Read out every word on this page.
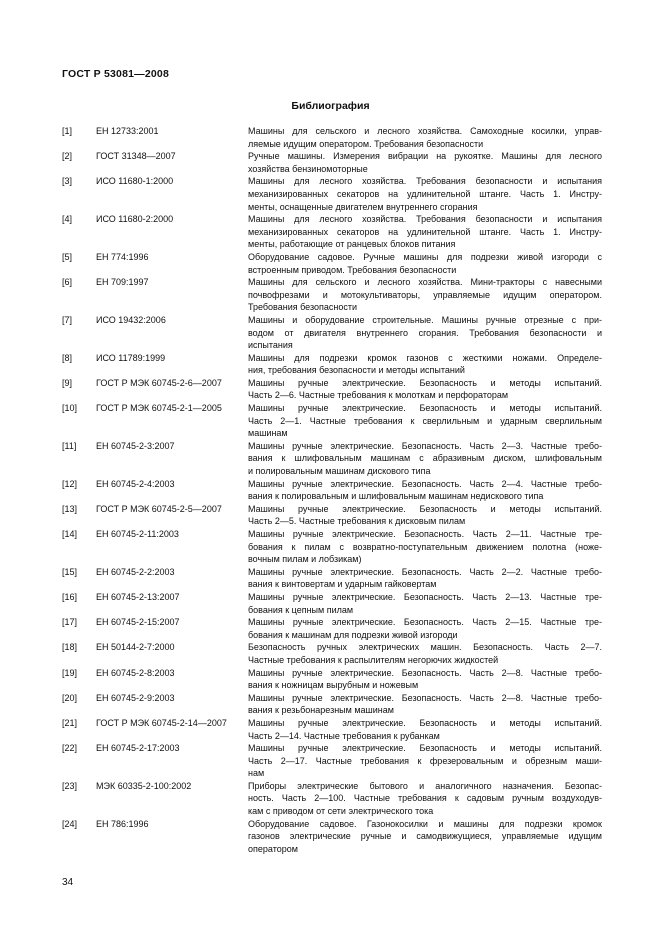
ГОСТ Р 53081—2008
Библиография
[1]	ЕН 12733:2001	Машины для сельского и лесного хозяйства. Самоходные косилки, управ-
ляемые идущим оператором. Требования безопасности
[2]	ГОСТ 31348—2007	Ручные машины. Измерения вибрации на рукоятке. Машины для лесного
хозяйства бензиномоторные
[3]	ИСО 11680-1:2000	Машины для лесного хозяйства. Требования безопасности и испытания
механизированных секаторов на удлинительной штанге. Часть 1. Инстру-
менты, оснащенные двигателем внутреннего сгорания
[4]	ИСО 11680-2:2000	Машины для лесного хозяйства. Требования безопасности и испытания
механизированных секаторов на удлинительной штанге. Часть 1. Инстру-
менты, работающие от ранцевых блоков питания
[5]	ЕН 774:1996	Оборудование садовое. Ручные машины для подрезки живой изгороди с
встроенным приводом. Требования безопасности
[6]	ЕН 709:1997	Машины для сельского и лесного хозяйства. Мини-тракторы с навесными
почвофрезами и мотокультиваторы, управляемые идущим оператором.
Требования безопасности
[7]	ИСО 19432:2006	Машины и оборудование строительные. Машины ручные отрезные с при-
водом от двигателя внутреннего сгорания. Требования безопасности и
испытания
[8]	ИСО 11789:1999	Машины для подрезки кромок газонов с жесткими ножами. Определе-
ния, требования безопасности и методы испытаний
[9]	ГОСТ Р МЭК 60745-2-6—2007	Машины ручные электрические. Безопасность и методы испытаний.
Часть 2—6. Частные требования к молоткам и перфораторам
[10]	ГОСТ Р МЭК 60745-2-1—2005	Машины ручные электрические. Безопасность и методы испытаний.
Часть 2—1. Частные требования к сверлильным и ударным сверлильным
машинам
[11]	ЕН 60745-2-3:2007	Машины ручные электрические. Безопасность. Часть 2—3. Частные требо-
вания к шлифовальным машинам с абразивным диском, шлифовальным
и полировальным машинам дискового типа
[12]	ЕН 60745-2-4:2003	Машины ручные электрические. Безопасность. Часть 2—4. Частные требо-
вания к полировальным и шлифовальным машинам недискового типа
[13]	ГОСТ Р МЭК 60745-2-5—2007	Машины ручные электрические. Безопасность и методы испытаний.
Часть 2—5. Частные требования к дисковым пилам
[14]	ЕН 60745-2-11:2003	Машины ручные электрические. Безопасность. Часть 2—11. Частные тре-
бования к пилам с возвратно-поступательным движением полотна (ноже-
вочным пилам и лобзикам)
[15]	ЕН 60745-2-2:2003	Машины ручные электрические. Безопасность. Часть 2—2. Частные требо-
вания к винтовертам и ударным гайковертам
[16]	ЕН 60745-2-13:2007	Машины ручные электрические. Безопасность. Часть 2—13. Частные тре-
бования к цепным пилам
[17]	ЕН 60745-2-15:2007	Машины ручные электрические. Безопасность. Часть 2—15. Частные тре-
бования к машинам для подрезки живой изгороди
[18]	ЕН 50144-2-7:2000	Безопасность ручных электрических машин. Безопасность. Часть 2—7.
Частные требования к распылителям негорючих жидкостей
[19]	ЕН 60745-2-8:2003	Машины ручные электрические. Безопасность. Часть 2—8. Частные требо-
вания к ножницам вырубным и ножевым
[20]	ЕН 60745-2-9:2003	Машины ручные электрические. Безопасность. Часть 2—8. Частные требо-
вания к резьбонарезным машинам
[21]	ГОСТ Р МЭК 60745-2-14—2007	Машины ручные электрические. Безопасность и методы испытаний.
Часть 2—14. Частные требования к рубанкам
[22]	ЕН 60745-2-17:2003	Машины ручные электрические. Безопасность и методы испытаний.
Часть 2—17. Частные требования к фрезеровальным и обрезным маши-
нам
[23]	МЭК 60335-2-100:2002	Приборы электрические бытового и аналогичного назначения. Безопас-
ность. Часть 2—100. Частные требования к садовым ручным воздуходув-
кам с приводом от сети электрического тока
[24]	ЕН 786:1996	Оборудование садовое. Газонокосилки и машины для подрезки кромок
газонов электрические ручные и самодвижущиеся, управляемые идущим
оператором
34
